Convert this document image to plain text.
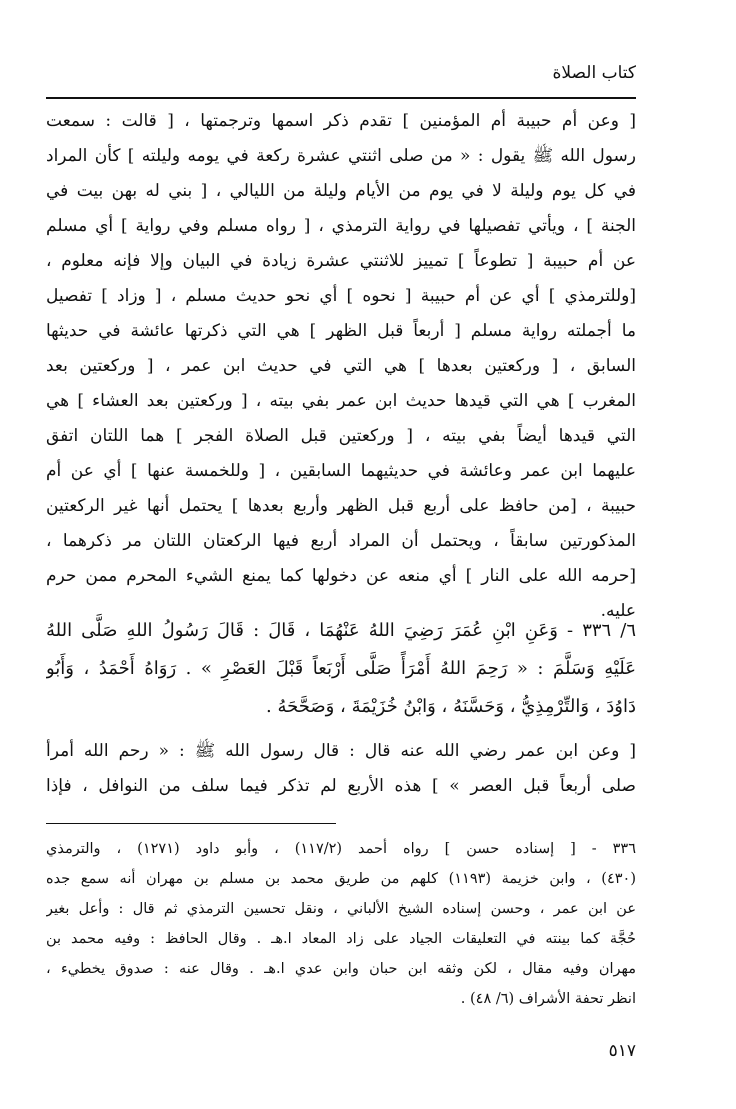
كتاب الصلاة
[ وعن أم حبيبة أم المؤمنين ] تقدم ذكر اسمها وترجمتها ، [ قالت : سمعت
رسول الله ﷺ يقول : « من صلى اثنتي عشرة ركعة في يومه وليلته ] كأن المراد
في كل يوم وليلة لا في يوم من الأيام وليلة من الليالي ، [ بني له بهن بيت في
الجنة ] ، ويأتي تفصيلها في رواية الترمذي ، [ رواه مسلم وفي رواية ] أي مسلم
عن أم حبيبة [ تطوعاً ] تمييز للاثنتي عشرة زيادة في البيان وإلا فإنه معلوم ،
[وللترمذي ] أي عن أم حبيبة [ نحوه ] أي نحو حديث مسلم ، [ وزاد ] تفصيل
ما أجملته رواية مسلم [ أربعاً قبل الظهر ] هي التي ذكرتها عائشة في حديثها
السابق ، [ وركعتين بعدها ] هي التي في حديث ابن عمر ، [ وركعتين بعد
المغرب ] هي التي قيدها حديث ابن عمر بفي بيته ، [ وركعتين بعد العشاء ] هي
التي قيدها أيضاً بفي بيته ، [ وركعتين قبل الصلاة الفجر ] هما اللتان اتفق
عليهما ابن عمر وعائشة في حديثيهما السابقين ، [ وللخمسة عنها ] أي عن أم
حبيبة ، [من حافظ على أربع قبل الظهر وأربع بعدها ] يحتمل أنها غير الركعتين
المذكورتين سابقاً ، ويحتمل أن المراد أربع فيها الركعتان اللتان مر ذكرهما ،
[حرمه الله على النار ] أي منعه عن دخولها كما يمنع الشيء المحرم ممن حرم
عليه.
٦/ ٣٣٦ - وَعَنِ ابْنِ عُمَرَ رَضِيَ اللهُ عَنْهُمَا ، قَالَ : قَالَ رَسُولُ اللهِ صَلَّى اللهُ
عَلَيْهِ وَسَلَّمَ : « رَحِمَ اللهُ أَمْرَأً صَلَّى أَرْبَعاً قَبْلَ العَصْرِ » . رَوَاهُ أَحْمَدُ ، وَأَبُو
دَاوُدَ ، وَالتِّرْمِذِيُّ ، وَحَسَّنَهُ ، وَابْنُ خُزَيْمَةَ ، وَصَحَّحَهُ .
[ وعن ابن عمر رضي الله عنه قال : قال رسول الله ﷺ : « رحم الله أمرأ
صلى أربعاً قبل العصر » ] هذه الأربع لم تذكر فيما سلف من النوافل ، فإذا
٣٣٦ - [ إسناده حسن ] رواه أحمد (١١٧/٢) ، وأبو داود (١٢٧١) ، والترمذي
(٤٣٠) ، وابن خزيمة (١١٩٣) كلهم من طريق محمد بن مسلم بن مهران أنه سمع جده
عن ابن عمر ، وحسن إسناده الشيخ الألباني ، ونقل تحسين الترمذي ثم قال : وأعل بغير
حُجَّة كما بينته في التعليقات الجياد على زاد المعاد ا.هـ . وقال الحافظ : وفيه محمد بن
مهران وفيه مقال ، لكن وثقه ابن حبان وابن عدي ا.هـ . وقال عنه : صدوق يخطيء ،
انظر تحفة الأشراف (٦/ ٤٨) .
٥١٧
